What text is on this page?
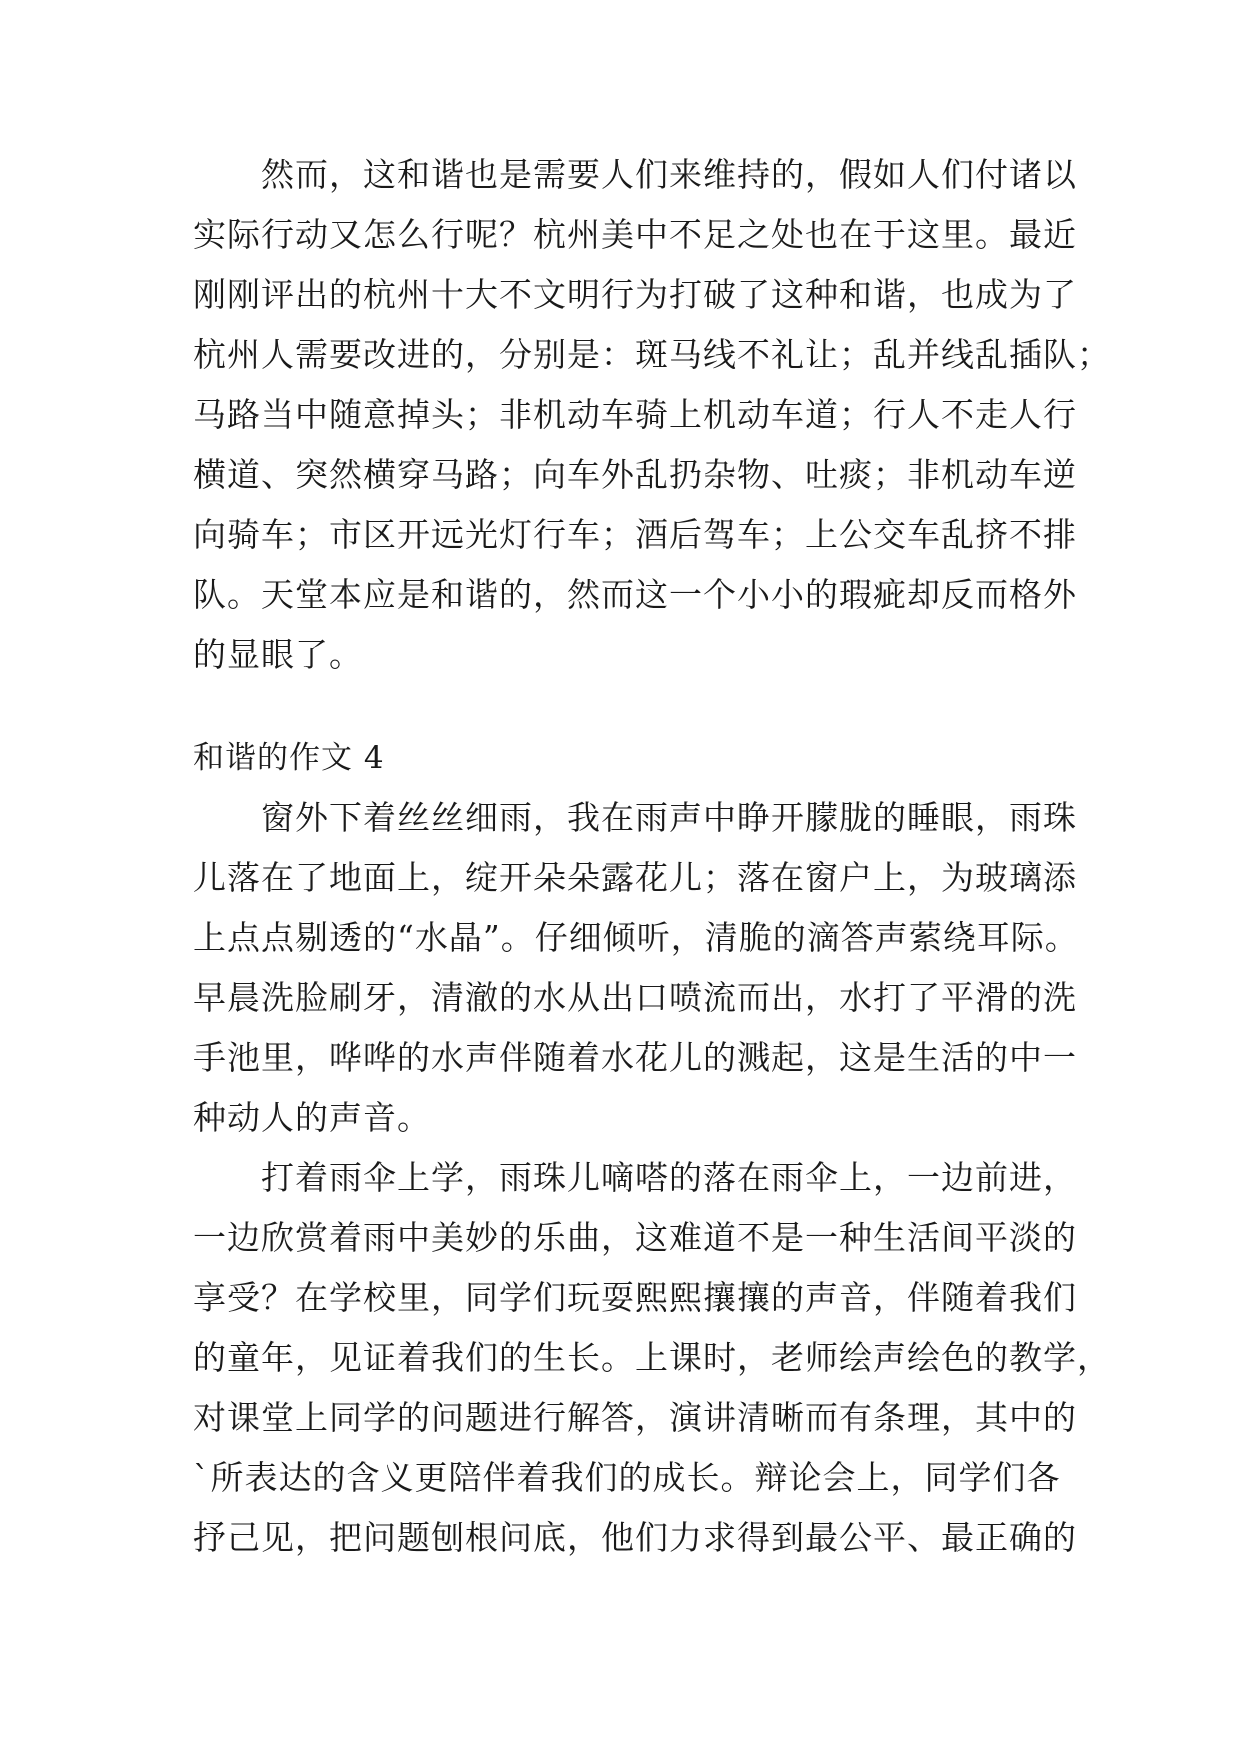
　　然而，这和谐也是需要人们来维持的，假如人们付诸以

实际行动又怎么行呢？杭州美中不足之处也在于这里。最近

刚刚评出的杭州十大不文明行为打破了这种和谐，也成为了

杭州人需要改进的，分别是：斑马线不礼让；乱并线乱插队；

马路当中随意掉头；非机动车骑上机动车道；行人不走人行

横道、突然横穿马路；向车外乱扔杂物、吐痰；非机动车逆

向骑车；市区开远光灯行车；酒后驾车；上公交车乱挤不排

队。天堂本应是和谐的，然而这一个小小的瑕疵却反而格外

的显眼了。

和谐的作文 4

　　窗外下着丝丝细雨，我在雨声中睁开朦胧的睡眼，雨珠

儿落在了地面上，绽开朵朵露花儿；落在窗户上，为玻璃添

上点点剔透的“水晶”。仔细倾听，清脆的滴答声萦绕耳际。

早晨洗脸刷牙，清澈的水从出口喷流而出，水打了平滑的洗

手池里，哗哗的水声伴随着水花儿的溅起，这是生活的中一

种动人的声音。

　　打着雨伞上学，雨珠儿嘀嗒的落在雨伞上，一边前进，

一边欣赏着雨中美妙的乐曲，这难道不是一种生活间平淡的

享受？在学校里，同学们玩耍熙熙攘攘的声音，伴随着我们

的童年，见证着我们的生长。上课时，老师绘声绘色的教学，

对课堂上同学的问题进行解答，演讲清晰而有条理，其中的

`所表达的含义更陪伴着我们的成长。辩论会上，同学们各

抒己见，把问题刨根问底，他们力求得到最公平、最正确的
